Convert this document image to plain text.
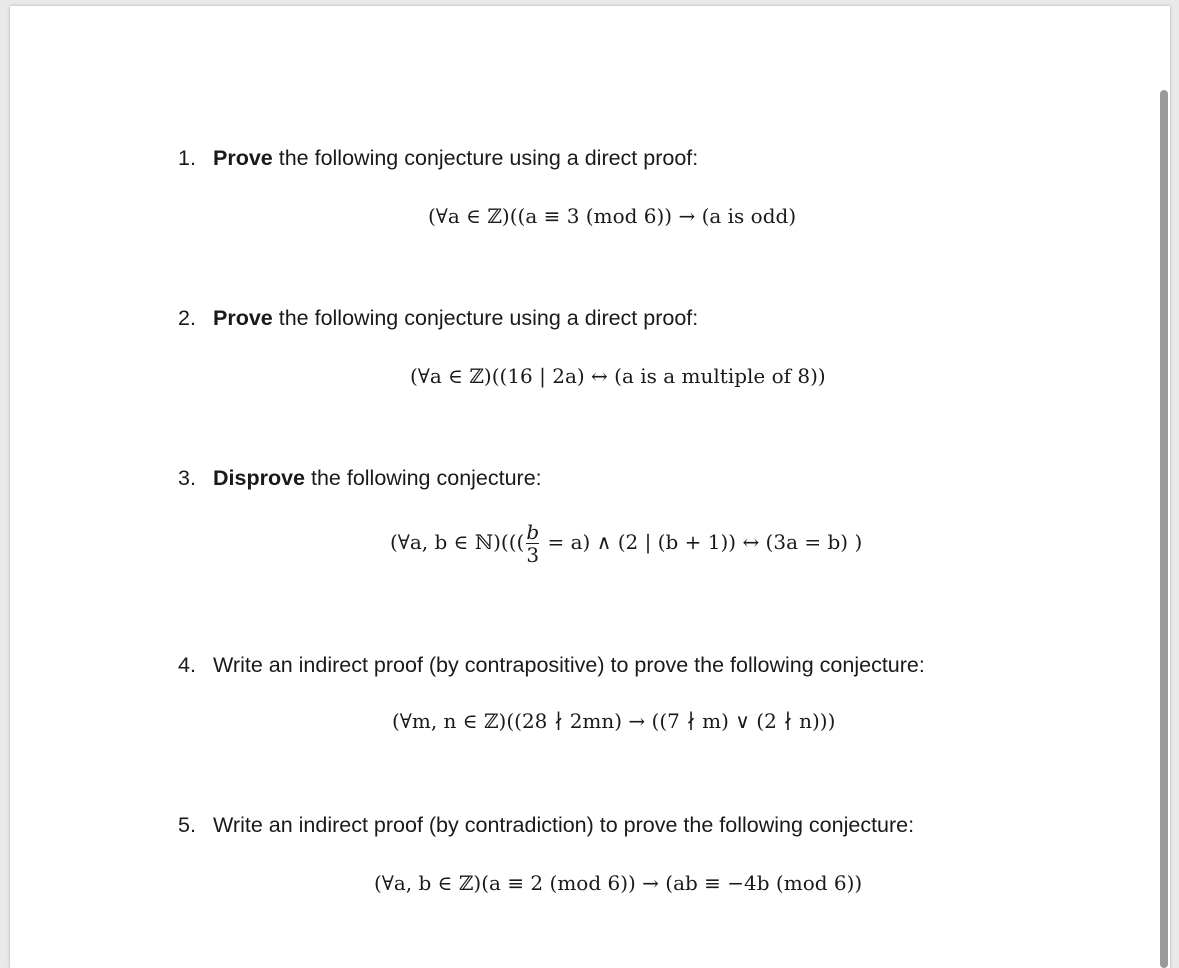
1. Prove the following conjecture using a direct proof:
(∀a ∈ ℤ)((a ≡ 3 (mod 6)) → (a is odd)
2. Prove the following conjecture using a direct proof:
(∀a ∈ ℤ)((16 | 2a) ↔ (a is a multiple of 8))
3. Disprove the following conjecture:
(∀a, b ∈ ℕ)((( $\frac{b}{3} = a$) ∧ (2 | (b + 1)) ↔ (3a = b) )
4. Write an indirect proof (by contrapositive) to prove the following conjecture:
(∀m, n ∈ ℤ)((28 ∤ 2mn) → ((7 ∤ m) ∨ (2 ∤ n)))
5. Write an indirect proof (by contradiction) to prove the following conjecture:
(∀a, b ∈ ℤ)(a ≡ 2 (mod 6)) → (ab ≡ −4b (mod 6))
